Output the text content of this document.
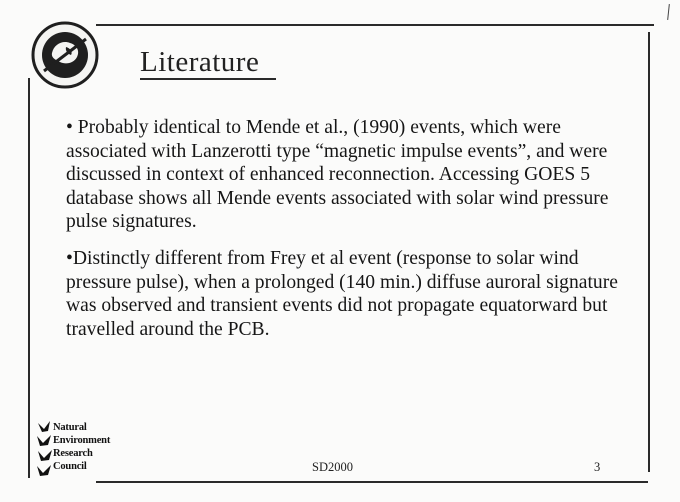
Literature

• Probably identical to Mende et al., (1990) events, which were associated with Lanzerotti type “magnetic impulse events”, and were discussed in context of enhanced reconnection. Accessing GOES 5 database shows all Mende events associated with solar wind pressure pulse signatures.

•Distinctly different from Frey et al event (response to solar wind pressure pulse), when a prolonged (140 min.) diffuse auroral signature was observed and transient events did not propagate equatorward but travelled around the PCB.

Natural
Environment
Research
Council	SD2000	3
